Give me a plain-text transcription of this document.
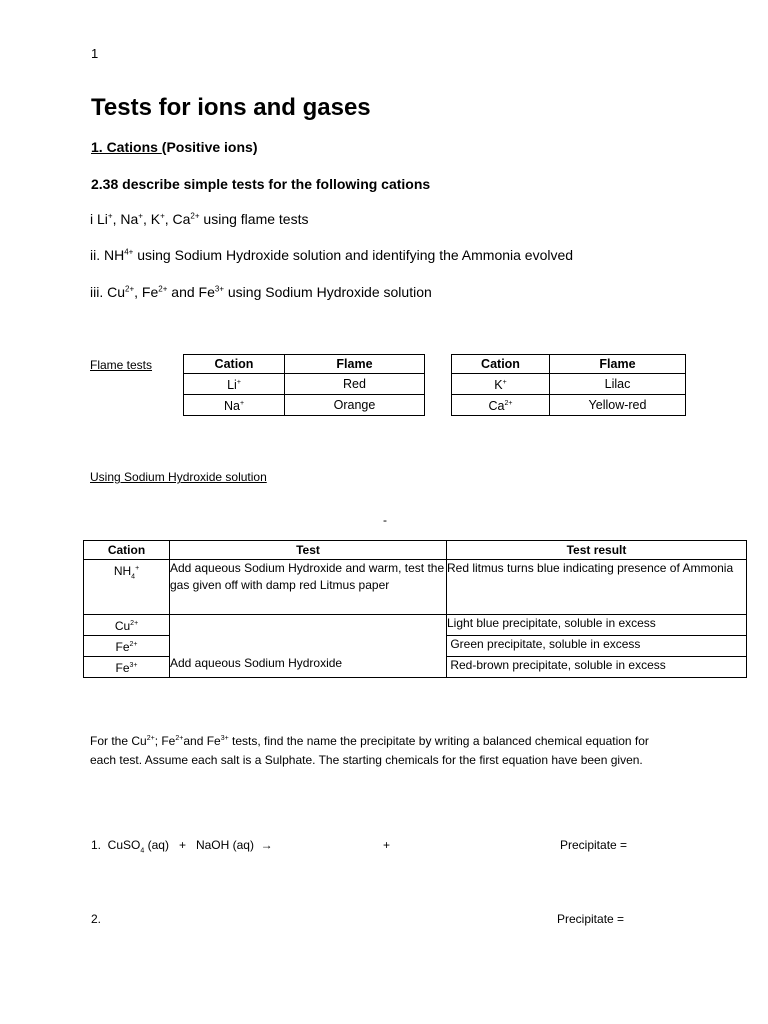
1
Tests for ions and gases
1. Cations (Positive ions)
2.38 describe simple tests for the following cations
i Li+, Na+, K+, $Ca^{2+}$ using flame tests
ii. $NH^{4+}$ using Sodium Hydroxide solution and identifying the Ammonia evolved
iii. $Cu^{2+}$, $Fe^{2+}$ and $Fe^{3+}$ using Sodium Hydroxide solution
Flame tests	Cation	Flame
Li+	Red
Na+	Orange
Cation	Flame
K+	Lilac
$Ca^{2+}$	Yellow-red
Using Sodium Hydroxide solution
-
Cation	Test	Test result
$NH_4^+$	Add aqueous Sodium Hydroxide and warm, test the gas given off with damp red Litmus paper	Red litmus turns blue indicating presence of Ammonia
$Cu^{2+}$	Add aqueous Sodium Hydroxide	Light blue precipitate, soluble in excess
$Fe^{2+}$		Green precipitate, soluble in excess
$Fe^{3+}$		Red-brown precipitate, soluble in excess
For the $Cu^{2+}$; $Fe^{2+}and$ $Fe^{3+}$ tests, find the name the precipitate by writing a balanced chemical equation for each test. Assume each salt is a Sulphate. The starting chemicals for the first equation have been given.
1.  CuSO$_4$ (aq)   +   NaOH (aq)  →	+	Precipitate =
2.	Precipitate =
